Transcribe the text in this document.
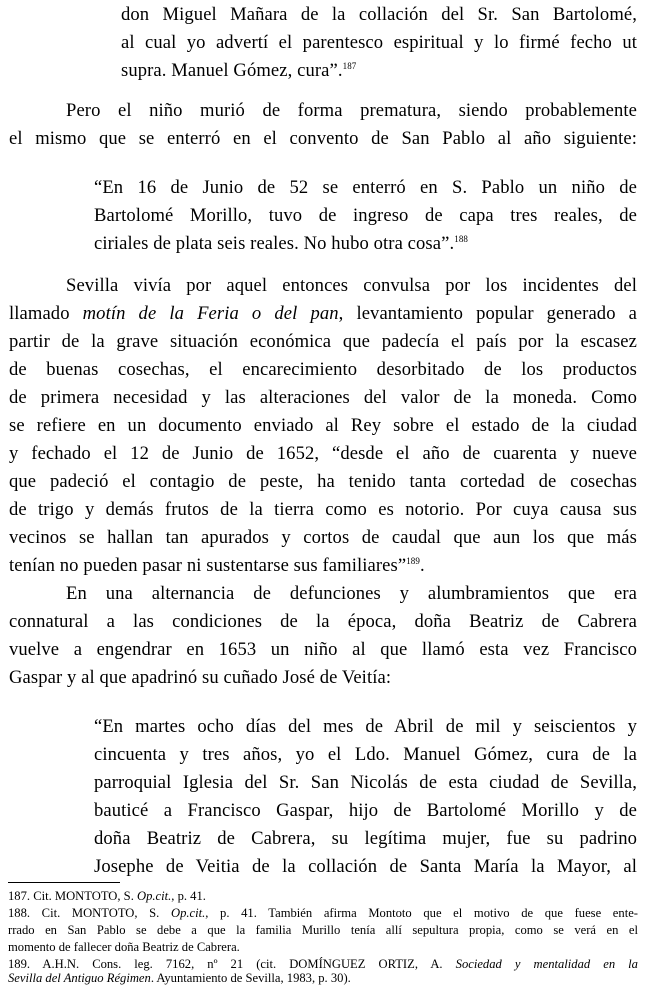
don Miguel Mañara de la collación del Sr. San Bartolomé,
al cual yo advertí el parentesco espiritual y lo firmé fecho ut
supra. Manuel Gómez, cura”.$^{187}$
Pero el niño murió de forma prematura, siendo probablemente
el mismo que se enterró en el convento de San Pablo al año siguiente:
“En 16 de Junio de 52 se enterró en S. Pablo un niño de
Bartolomé Morillo, tuvo de ingreso de capa tres reales, de
ciriales de plata seis reales. No hubo otra cosa”.$^{188}$
Sevilla vivía por aquel entonces convulsa por los incidentes del
llamado motín de la Feria o del pan, levantamiento popular generado a
partir de la grave situación económica que padecía el país por la escasez
de buenas cosechas, el encarecimiento desorbitado de los productos
de primera necesidad y las alteraciones del valor de la moneda. Como
se refiere en un documento enviado al Rey sobre el estado de la ciudad
y fechado el 12 de Junio de 1652, “desde el año de cuarenta y nueve
que padeció el contagio de peste, ha tenido tanta cortedad de cosechas
de trigo y demás frutos de la tierra como es notorio. Por cuya causa sus
vecinos se hallan tan apurados y cortos de caudal que aun los que más
tenían no pueden pasar ni sustentarse sus familiares”$^{189}$.
En una alternancia de defunciones y alumbramientos que era
connatural a las condiciones de la época, doña Beatriz de Cabrera
vuelve a engendrar en 1653 un niño al que llamó esta vez Francisco
Gaspar y al que apadrinó su cuñado José de Veitía:
“En martes ocho días del mes de Abril de mil y seiscientos y
cincuenta y tres años, yo el Ldo. Manuel Gómez, cura de la
parroquial Iglesia del Sr. San Nicolás de esta ciudad de Sevilla,
bauticé a Francisco Gaspar, hijo de Bartolomé Morillo y de
doña Beatriz de Cabrera, su legítima mujer, fue su padrino
Josephe de Veitia de la collación de Santa María la Mayor, al
187. Cit. MONTOTO, S. Op.cit., p. 41.
188. Cit. MONTOTO, S. Op.cit., p. 41. También afirma Montoto que el motivo de que fuese ente-
rrado en San Pablo se debe a que la familia Murillo tenía allí sepultura propia, como se verá en el
momento de fallecer doña Beatriz de Cabrera.
189. A.H.N. Cons. leg. 7162, nº 21 (cit. DOMÍNGUEZ ORTIZ, A. Sociedad y mentalidad en la
Sevilla del Antiguo Régimen. Ayuntamiento de Sevilla, 1983, p. 30).
